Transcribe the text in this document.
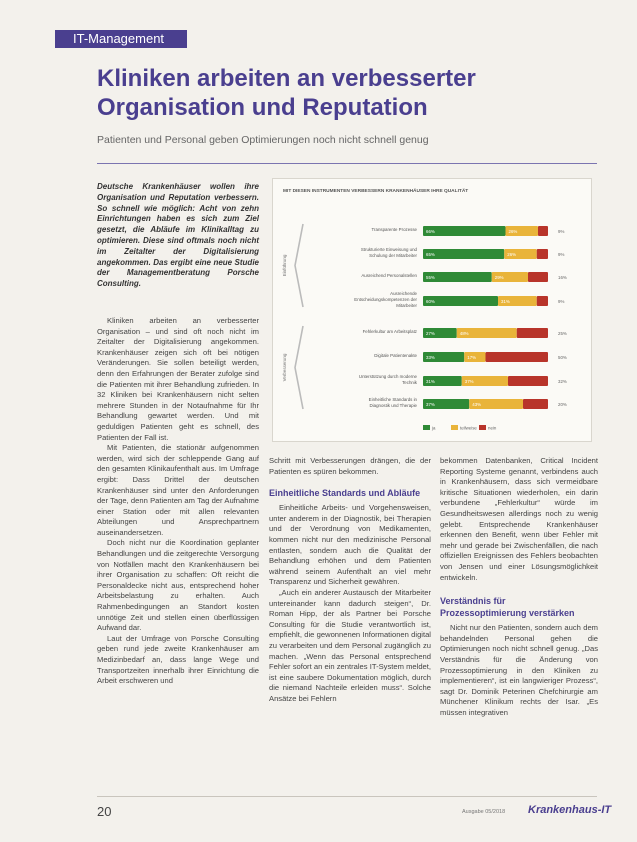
IT-Management
Kliniken arbeiten an verbesserter
Organisation und Reputation
Patienten und Personal geben Optimierungen noch nicht schnell genug
Deutsche Krankenhäuser wollen ihre Organisation und Reputation verbessern. So schnell wie möglich: Acht von zehn Einrichtungen haben es sich zum Ziel gesetzt, die Abläufe im Klinikalltag zu optimieren. Diese sind oftmals noch nicht im Zeitalter der Digitalisierung angekommen. Das ergibt eine neue Studie der Managementberatung Porsche Consulting.

Kliniken arbeiten an verbesserter Organisation – und sind oft noch nicht im Zeitalter der Digitalisierung angekommen. Krankenhäuser zeigen sich oft bei nötigen Veränderungen. Sie sollen beteiligt werden, denn den Erfahrungen der Berater zufolge sind die Patienten mit ihrer Behandlung zufrieden. In 32 Kliniken bei Krankenhäusern nicht selten mehrere Stunden in der Notaufnahme für Ihr Behandlung gewartet werden. Und mit geduldigen Patienten geht es schnell, des Patienten der Fall ist.

Mit Patienten, die stationär aufgenommen werden, wird sich der schleppende Gang auf den gesamten Klinikaufenthalt aus. Im Umfrage ergibt: Dass Drittel der deutschen Krankenhäuser sind unter den Anforderungen der Tage, denn Patienten am Tag der Aufnahme einer Station oder mit allen relevanten Abteilungen und Ansprechpartnern auseinandersetzen.

Doch nicht nur die Koordination geplanter Behandlungen und die zeitgerechte Versorgung von Notfällen macht den Krankenhäusern bei ihrer Organisation zu schaffen: Oft reicht die Personaldecke nicht aus, entsprechend hoher Arbeitsbelastung zu erhalten. Auch Rahmenbedingungen an Standort kosten unnötige Zeit und stellen einen überflüssigen Aufwand dar.

Laut der Umfrage von Porsche Consulting geben rund jede zweite Krankenhäuser am Medizinbedarf an, dass lange Wege und Transportzeiten innerhalb ihrer Einrichtung die Arbeit erschweren und

MIT DIESEN INSTRUMENTEN VERBESSERN KRANKENHÄUSER IHRE QUALITÄT
Einführung
Verbesserung
Transparente Prozesse 66%	26%	9%
Strukturierte Einweisung und
Schulung der Mitarbeiter 65%	26%	9%
Ausreichend Personalstellen 55%	29%	16%
Ausreichende
Entscheidungskompetenzen der
Mitarbeiter
60%	31%	9%
Fehlerkultur am Arbeitsplatz 27%	48%	25%
Digitale Patientenakte 33%	17%	50%
Unterstützung durch moderne
Technik 31%	37%	32%
Einheitliche Standards in
Diagnostik und Therapie 37%	43%	20%
ja	teilweise	nein

Schritt mit Verbesserungen drängen, die der Patienten es spüren bekommen.

Einheitliche Standards und Abläufe

Einheitliche Arbeits- und Vorgehensweisen, unter anderem in der Diagnostik, bei Therapien und der Verordnung von Medikamenten, kommen nicht nur den medizinische Personal entlasten, sondern auch die Qualität der Behandlung erhöhen und dem Patienten während seinem Aufenthalt an viel mehr Transparenz und Sicherheit gewähren.

„Auch ein anderer Austausch der Mitarbeiter untereinander kann dadurch steigen“, Dr. Roman Hipp, der als Partner bei Porsche Consulting für die Studie verantwortlich ist, empfiehlt, die gewonnenen Informationen digital zu verarbeiten und dem Personal zugänglich zu machen. „Wenn das Personal entsprechend Fehler sofort an ein zentrales IT-System meldet, ist eine saubere Dokumentation möglich, durch die niemand Nachteile erleiden muss“. Solche Ansätze bei Fehlern

bekommen Datenbanken, Critical Incident Reporting Systeme genannt, verbindens auch in Krankenhäusern, dass sich vermeidbare kritische Situationen wiederholen, ein darin verbundene „Fehlerkultur“ würde im Gesundheitswesen allerdings noch zu wenig gelebt. Entsprechende Krankenhäuser erkennen den Benefit, wenn über Fehler mit mehr und gerade bei Zwischenfällen, die nach offiziellen Ereignissen des Fehlers beobachten von Jensen und einer Lösungsmöglichkeit entwickeln.

Verständnis für
Prozessoptimierung verstärken

Nicht nur den Patienten, sondern auch dem behandelnden Personal gehen die Optimierungen noch nicht schnell genug. „Das Verständnis für die Änderung von Prozessoptimierung in den Kliniken zu implementieren“, ist ein langwieriger Prozess“, sagt Dr. Dominik Peterinen Chefchirurgie am Münchener Klinikum rechts der Isar. „Es müssen integrativen

20	Ausgabe 05/2018 Krankenhaus-IT
